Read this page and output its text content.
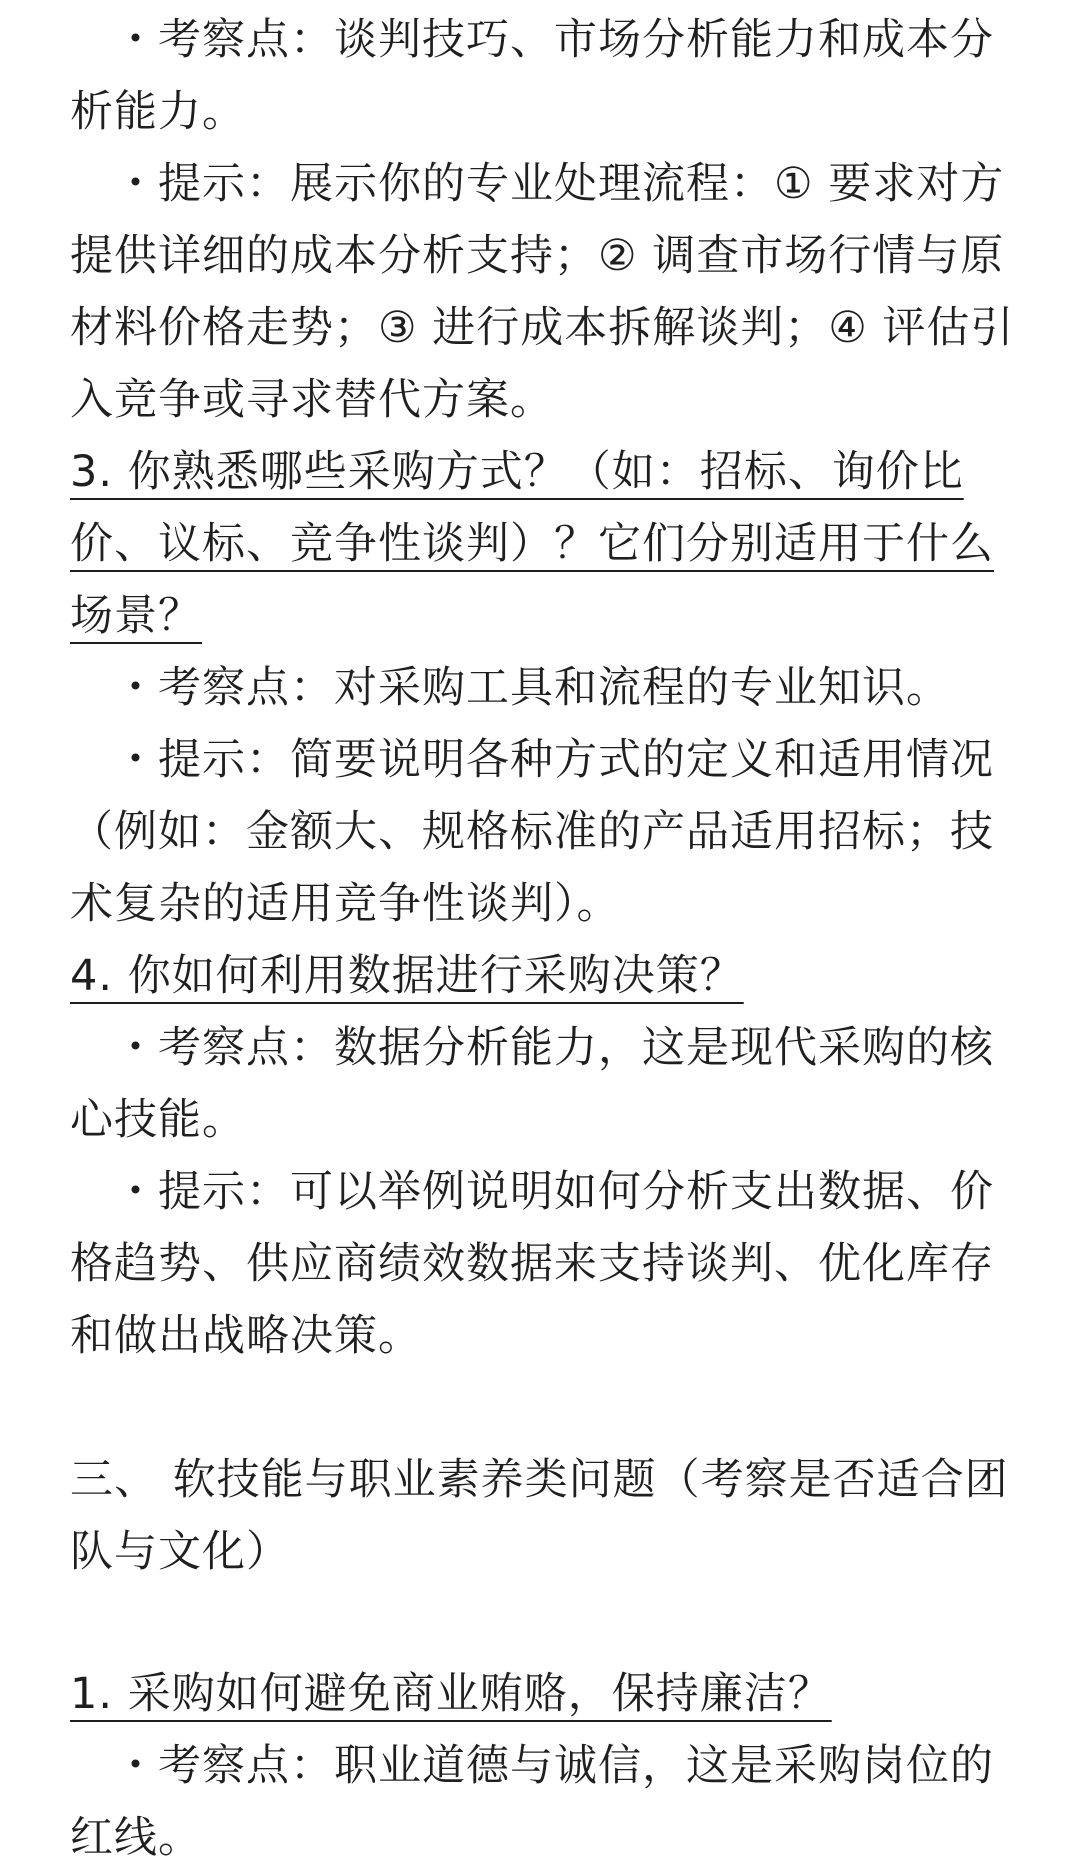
　・考察点：谈判技巧、市场分析能力和成本分析能力。

　・提示：展示你的专业处理流程：① 要求对方提供详细的成本分析支持；② 调查市场行情与原材料价格走势；③ 进行成本拆解谈判；④ 评估引入竞争或寻求替代方案。

3. 你熟悉哪些采购方式？（如：招标、询价比价、议标、竞争性谈判）？它们分别适用于什么场景？

　・考察点：对采购工具和流程的专业知识。

　・提示：简要说明各种方式的定义和适用情况（例如：金额大、规格标准的产品适用招标；技术复杂的适用竞争性谈判）。

4. 你如何利用数据进行采购决策？

　・考察点：数据分析能力，这是现代采购的核心技能。

　・提示：可以举例说明如何分析支出数据、价格趋势、供应商绩效数据来支持谈判、优化库存和做出战略决策。

三、 软技能与职业素养类问题（考察是否适合团队与文化）

1. 采购如何避免商业贿赂，保持廉洁？

　・考察点：职业道德与诚信，这是采购岗位的红线。
